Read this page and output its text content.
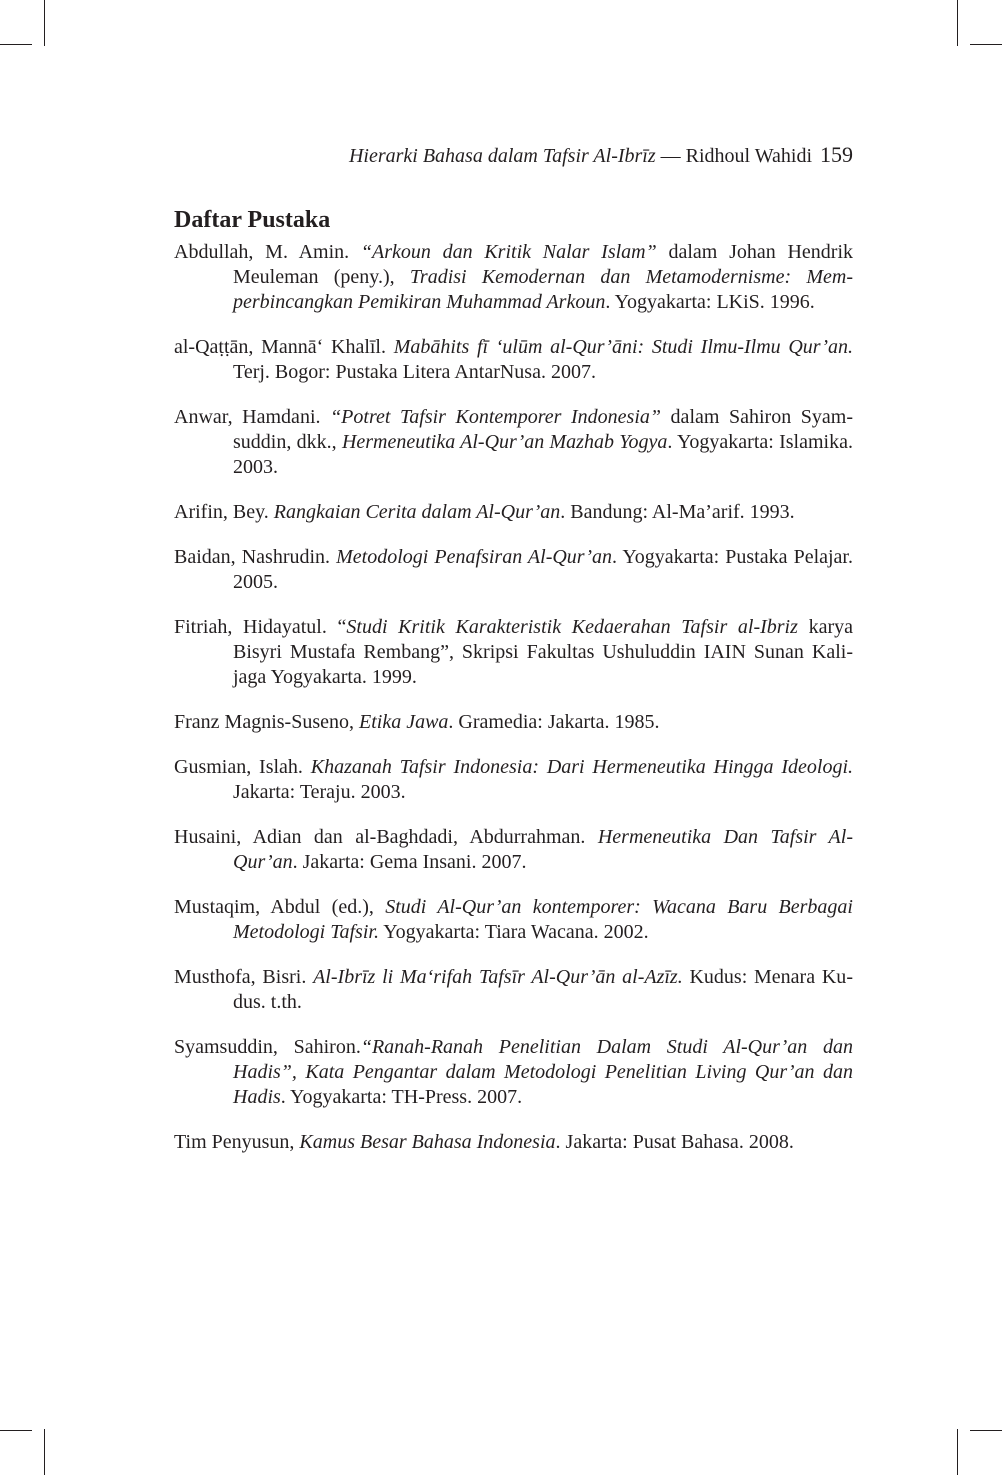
Hierarki Bahasa dalam Tafsir Al-Ibrīz — Ridhoul Wahidi 159
Daftar Pustaka

Abdullah, M. Amin. “Arkoun dan Kritik Nalar Islam” dalam Johan Hendrik Meuleman (peny.), Tradisi Kemodernan dan Metamodernisme: Memperbincangkan Pemikiran Muhammad Arkoun. Yogyakarta: LKiS. 1996.

al-Qaṭṭān, Mannāʻ Khalīl. Mabāhits fī ʻulūm al-Qur’āni: Studi Ilmu-Ilmu Qur’an. Terj. Bogor: Pustaka Litera AntarNusa. 2007.

Anwar, Hamdani. “Potret Tafsir Kontemporer Indonesia” dalam Sahiron Syamsuddin, dkk., Hermeneutika Al-Qur’an Mazhab Yogya. Yogyakarta: Islamika. 2003.

Arifin, Bey. Rangkaian Cerita dalam Al-Qur’an. Bandung: Al-Ma’arif. 1993.

Baidan, Nashrudin. Metodologi Penafsiran Al-Qur’an. Yogyakarta: Pustaka Pelajar. 2005.

Fitriah, Hidayatul. “Studi Kritik Karakteristik Kedaerahan Tafsir al-Ibriz karya Bisyri Mustafa Rembang”, Skripsi Fakultas Ushuluddin IAIN Sunan Kalijaga Yogyakarta. 1999.

Franz Magnis-Suseno, Etika Jawa. Gramedia: Jakarta. 1985.

Gusmian, Islah. Khazanah Tafsir Indonesia: Dari Hermeneutika Hingga Ideologi. Jakarta: Teraju. 2003.

Husaini, Adian dan al-Baghdadi, Abdurrahman. Hermeneutika Dan Tafsir Al-Qur’an. Jakarta: Gema Insani. 2007.

Mustaqim, Abdul (ed.), Studi Al-Qur’an kontemporer: Wacana Baru Berbagai Metodologi Tafsir. Yogyakarta: Tiara Wacana. 2002.

Musthofa, Bisri. Al-Ibrīz li Maʻrifah Tafsīr Al-Qur’ān al-Azīz. Kudus: Menara Kudus. t.th.

Syamsuddin, Sahiron.“Ranah-Ranah Penelitian Dalam Studi Al-Qur’an dan Hadis”, Kata Pengantar dalam Metodologi Penelitian Living Qur’an dan Hadis. Yogyakarta: TH-Press. 2007.

Tim Penyusun, Kamus Besar Bahasa Indonesia. Jakarta: Pusat Bahasa. 2008.
